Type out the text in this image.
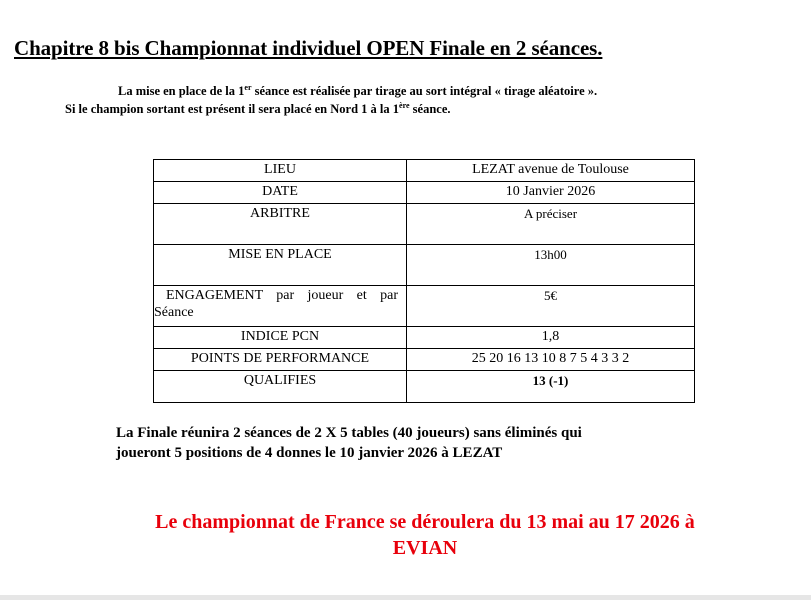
Chapitre 8 bis Championnat individuel OPEN Finale en 2 séances.
La mise en place de la 1er séance est réalisée par tirage au sort intégral « tirage aléatoire ».
Si le champion sortant est présent il sera placé en Nord 1 à la 1ère séance.
LIEU	LEZAT avenue de Toulouse
DATE	10 Janvier 2026
ARBITRE	A préciser
MISE EN PLACE	13h00

ENGAGEMENT par joueur et par
Séance	5€
INDICE PCN	1,8
POINTS DE PERFORMANCE	25 20 16 13 10 8 7 5 4 3 3 2
QUALIFIES	13 (-1)
La Finale réunira 2 séances de 2 X 5 tables (40 joueurs) sans éliminés qui
joueront 5 positions de 4 donnes le 10 janvier 2026 à LEZAT
Le championnat de France se déroulera du 13 mai au 17 2026 à
EVIAN
